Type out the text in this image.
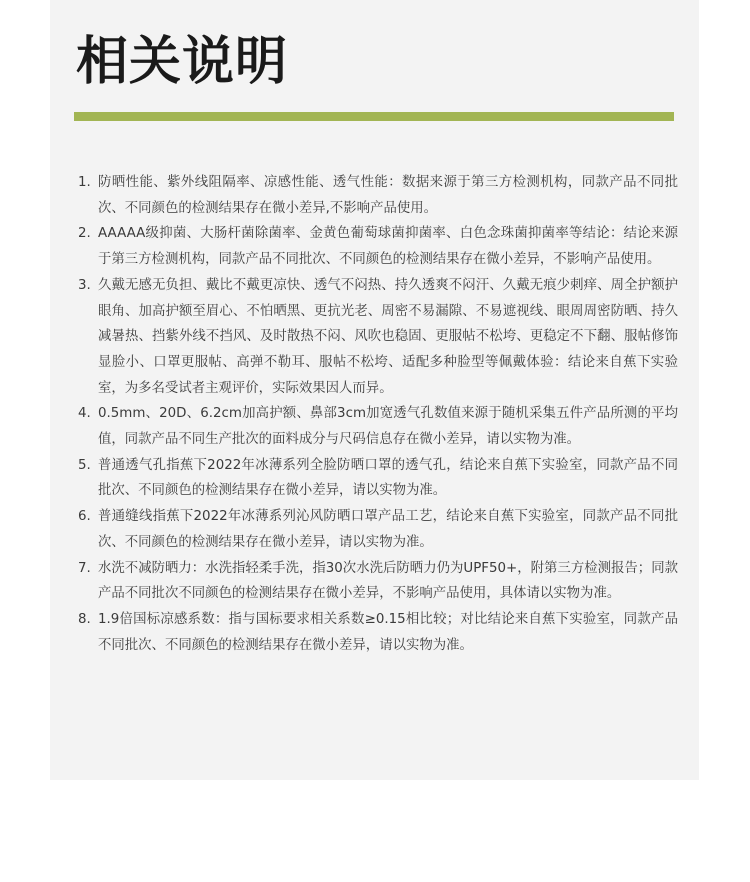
相关说明
1. 防晒性能、紫外线阻隔率、凉感性能、透气性能：数据来源于第三方检测机构，同款产品不同批次、不同颜色的检测结果存在微小差异,不影响产品使用。
2. AAAAA级抑菌、大肠杆菌除菌率、金黄色葡萄球菌抑菌率、白色念珠菌抑菌率等结论：结论来源于第三方检测机构，同款产品不同批次、不同颜色的检测结果存在微小差异，不影响产品使用。
3. 久戴无感无负担、戴比不戴更凉快、透气不闷热、持久透爽不闷汗、久戴无痕少刺痒、周全护额护眼角、加高护额至眉心、不怕晒黑、更抗光老、周密不易漏隙、不易遮视线、眼周周密防晒、持久减暑热、挡紫外线不挡风、及时散热不闷、风吹也稳固、更服帖不松垮、更稳定不下翻、服帖修饰显脸小、口罩更服帖、高弹不勒耳、服帖不松垮、适配多种脸型等佩戴体验：结论来自蕉下实验室，为多名受试者主观评价，实际效果因人而异。
4. 0.5mm、20D、6.2cm加高护额、鼻部3cm加宽透气孔数值来源于随机采集五件产品所测的平均值，同款产品不同生产批次的面料成分与尺码信息存在微小差异，请以实物为准。
5. 普通透气孔指蕉下2022年冰薄系列全脸防晒口罩的透气孔，结论来自蕉下实验室，同款产品不同批次、不同颜色的检测结果存在微小差异，请以实物为准。
6. 普通缝线指蕉下2022年冰薄系列沁风防晒口罩产品工艺，结论来自蕉下实验室，同款产品不同批次、不同颜色的检测结果存在微小差异，请以实物为准。
7. 水洗不减防晒力：水洗指轻柔手洗，指30次水洗后防晒力仍为UPF50+，附第三方检测报告；同款产品不同批次不同颜色的检测结果存在微小差异，不影响产品使用，具体请以实物为准。
8. 1.9倍国标凉感系数：指与国标要求相关系数≥0.15相比较；对比结论来自蕉下实验室，同款产品不同批次、不同颜色的检测结果存在微小差异，请以实物为准。
